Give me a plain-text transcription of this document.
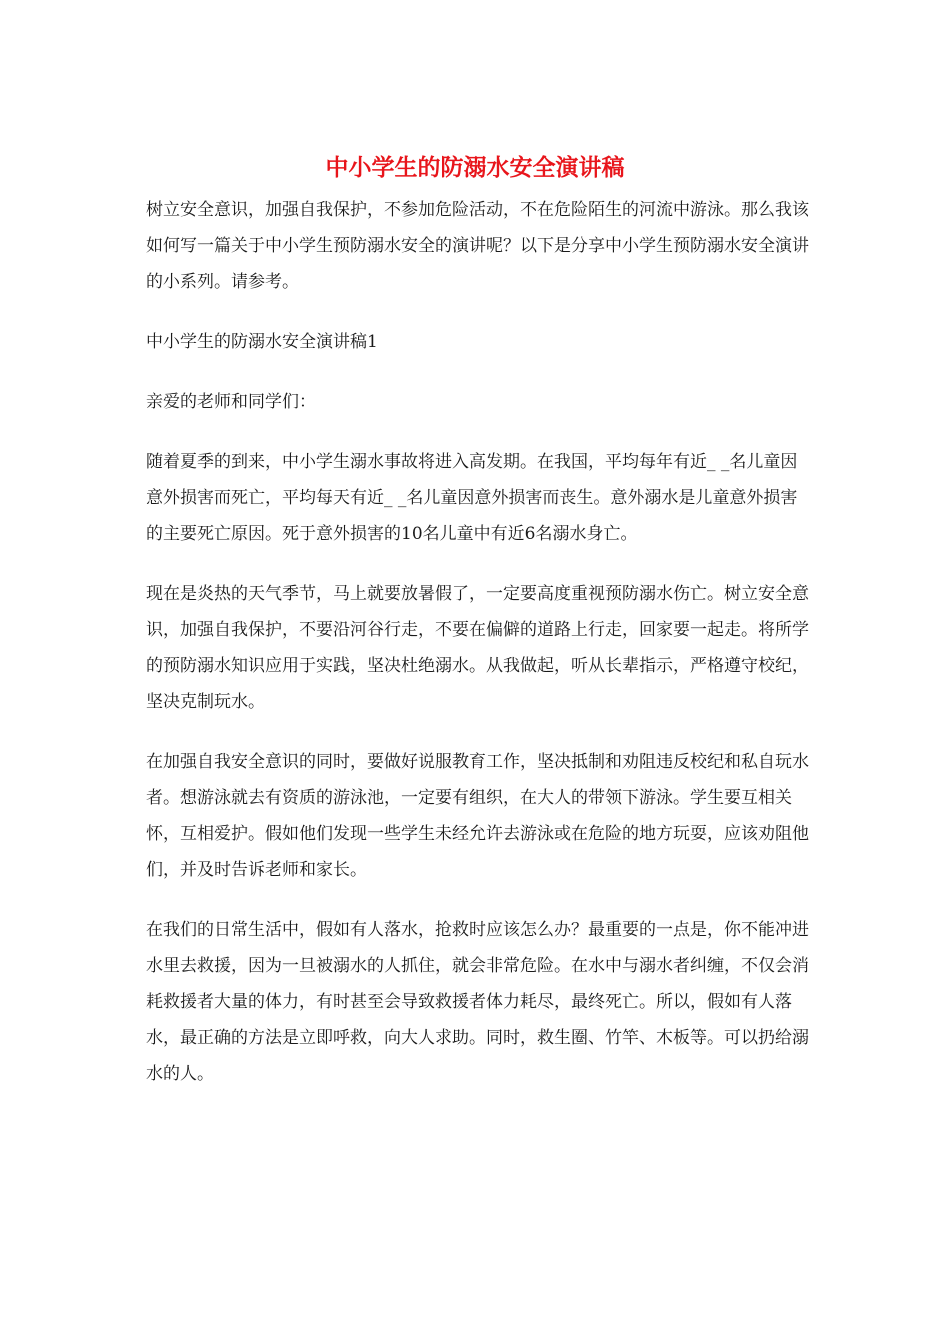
中小学生的防溺水安全演讲稿

树立安全意识，加强自我保护，不参加危险活动，不在危险陌生的河流中游泳。那么我该如何写一篇关于中小学生预防溺水安全的演讲呢？以下是分享中小学生预防溺水安全演讲的小系列。请参考。

中小学生的防溺水安全演讲稿1

亲爱的老师和同学们：

随着夏季的到来，中小学生溺水事故将进入高发期。在我国，平均每年有近_ _名儿童因意外损害而死亡，平均每天有近_ _名儿童因意外损害而丧生。意外溺水是儿童意外损害的主要死亡原因。死于意外损害的10名儿童中有近6名溺水身亡。

现在是炎热的天气季节，马上就要放暑假了，一定要高度重视预防溺水伤亡。树立安全意识，加强自我保护，不要沿河谷行走，不要在偏僻的道路上行走，回家要一起走。将所学的预防溺水知识应用于实践，坚决杜绝溺水。从我做起，听从长辈指示，严格遵守校纪，坚决克制玩水。

在加强自我安全意识的同时，要做好说服教育工作，坚决抵制和劝阻违反校纪和私自玩水者。想游泳就去有资质的游泳池，一定要有组织，在大人的带领下游泳。学生要互相关怀，互相爱护。假如他们发现一些学生未经允许去游泳或在危险的地方玩耍，应该劝阻他们，并及时告诉老师和家长。

在我们的日常生活中，假如有人落水，抢救时应该怎么办？最重要的一点是，你不能冲进水里去救援，因为一旦被溺水的人抓住，就会非常危险。在水中与溺水者纠缠，不仅会消耗救援者大量的体力，有时甚至会导致救援者体力耗尽，最终死亡。所以，假如有人落水，最正确的方法是立即呼救，向大人求助。同时，救生圈、竹竿、木板等。可以扔给溺水的人。
